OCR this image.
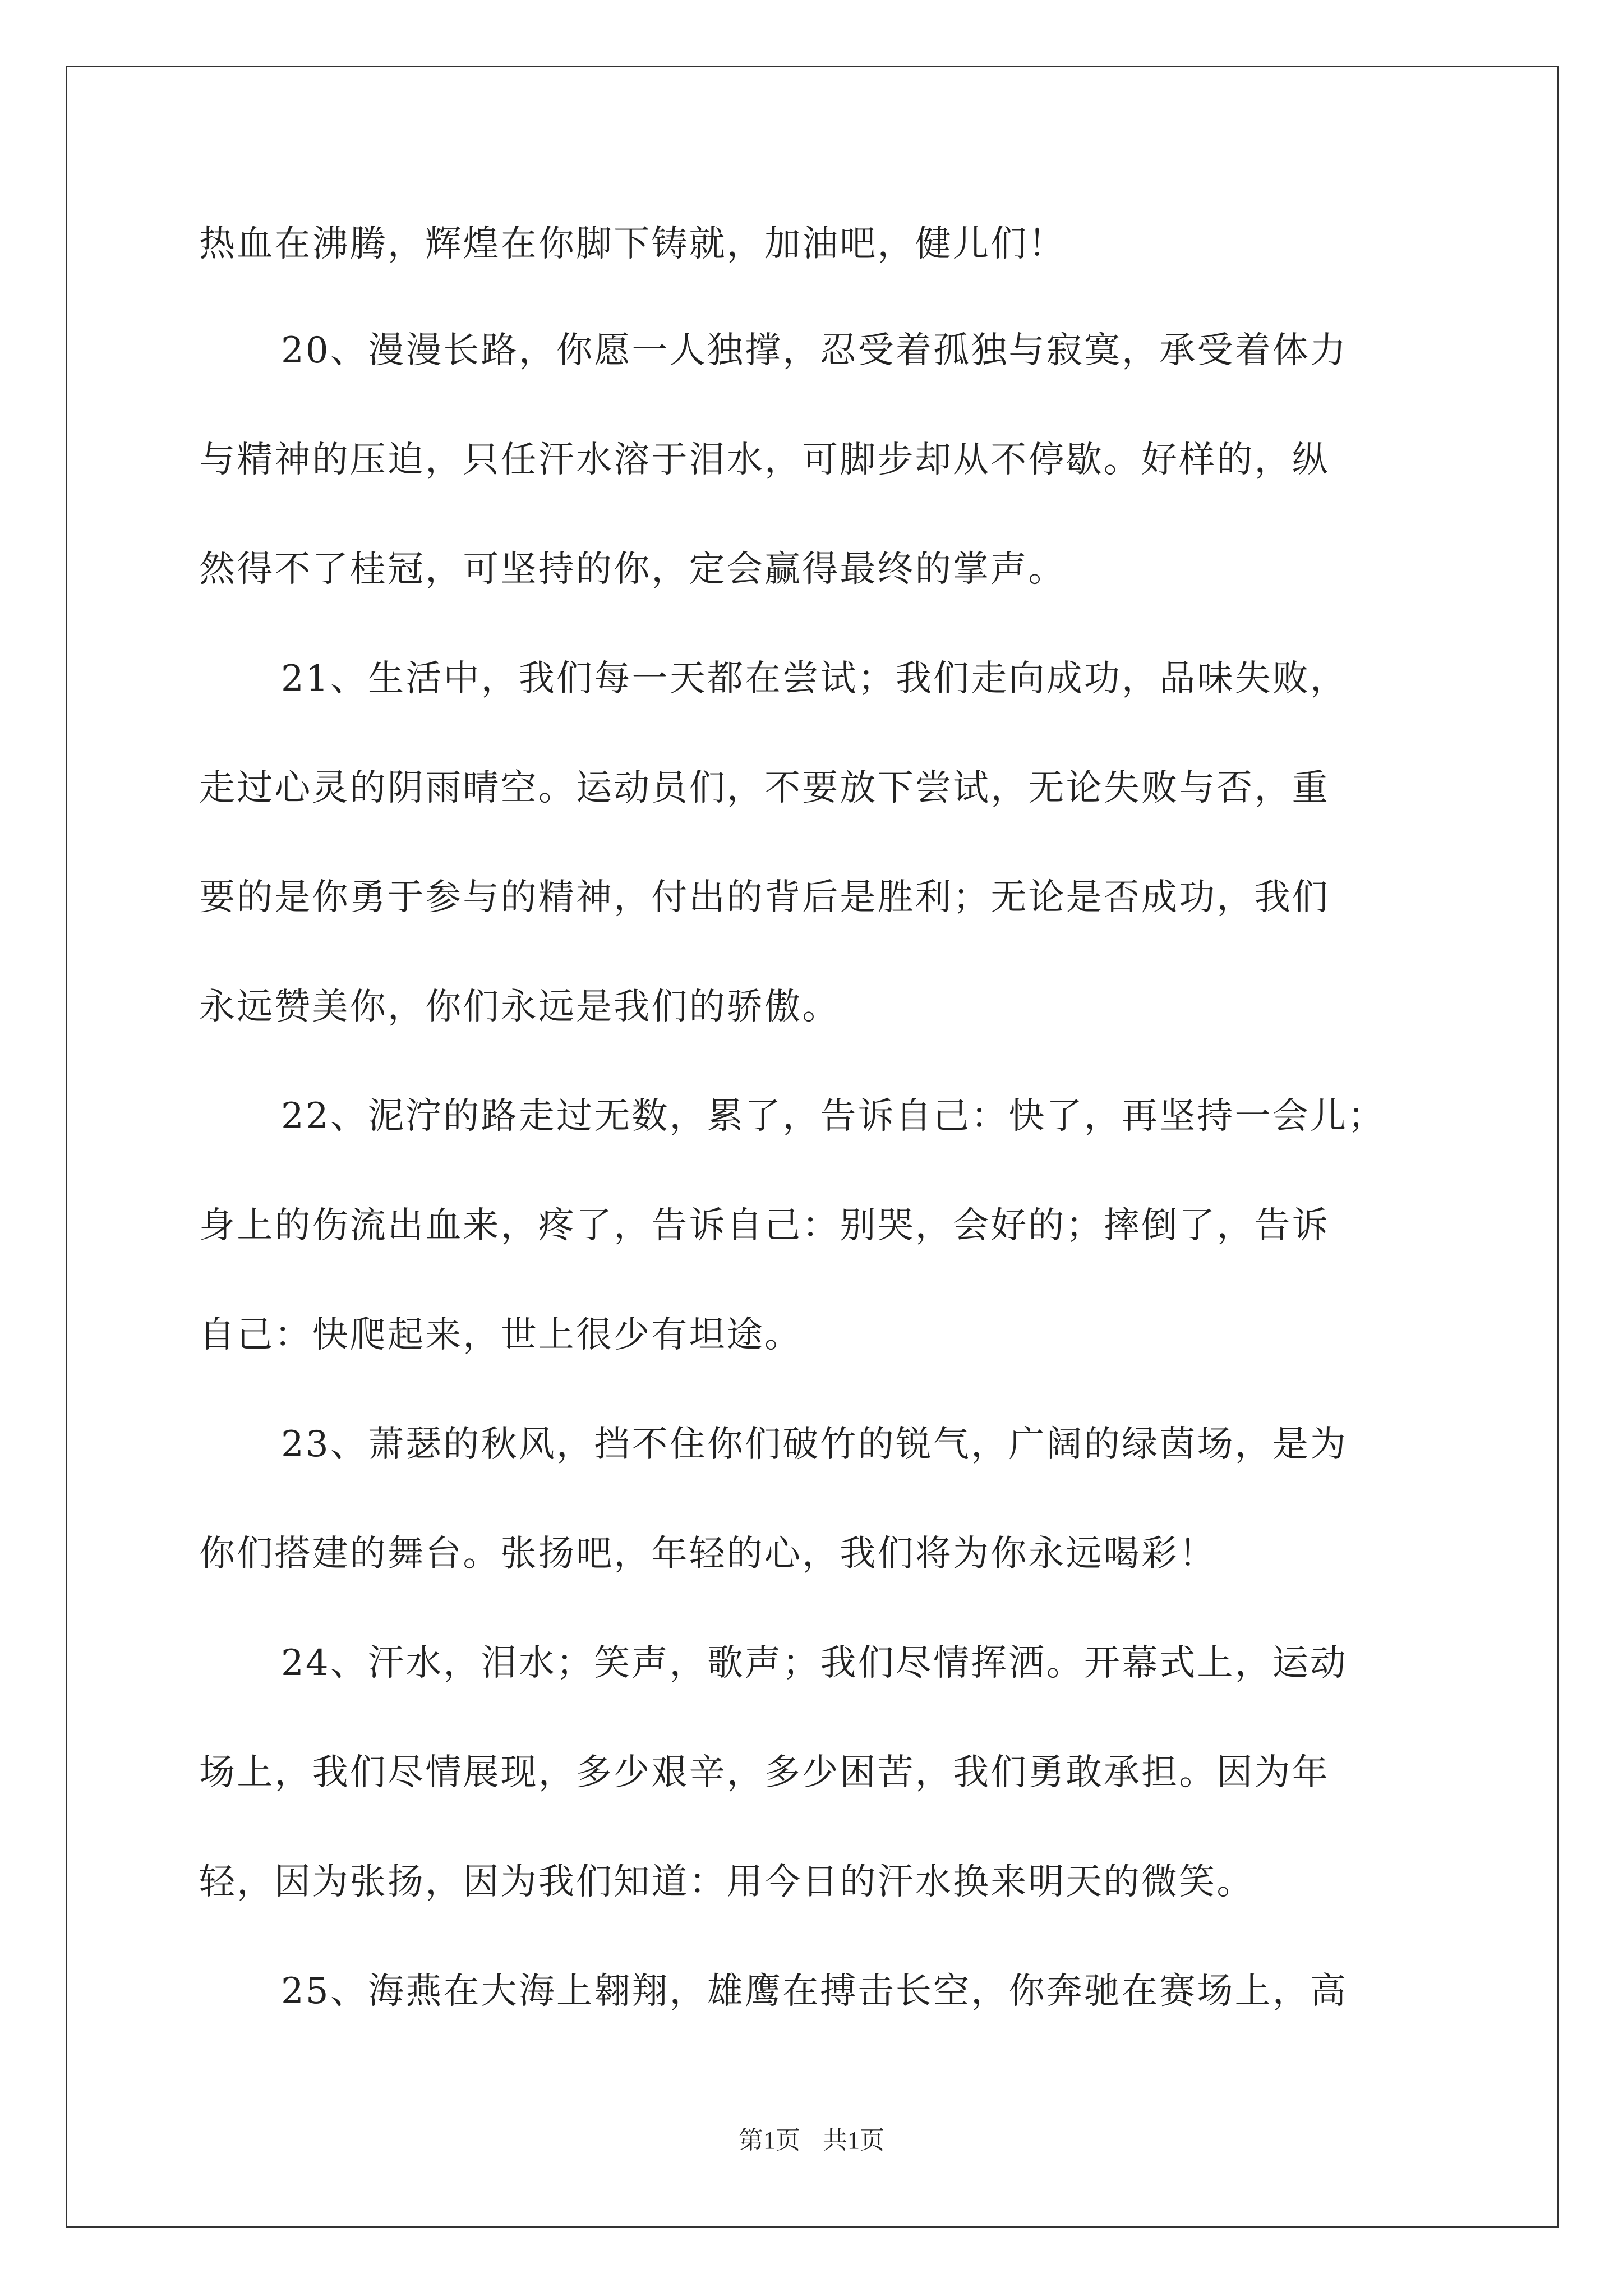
热血在沸腾，辉煌在你脚下铸就，加油吧，健儿们！
20、漫漫长路，你愿一人独撑，忍受着孤独与寂寞，承受着体力
与精神的压迫，只任汗水溶于泪水，可脚步却从不停歇。好样的，纵
然得不了桂冠，可坚持的你，定会赢得最终的掌声。
21、生活中，我们每一天都在尝试；我们走向成功，品味失败，
走过心灵的阴雨晴空。运动员们，不要放下尝试，无论失败与否，重
要的是你勇于参与的精神，付出的背后是胜利；无论是否成功，我们
永远赞美你，你们永远是我们的骄傲。
22、泥泞的路走过无数，累了，告诉自己：快了，再坚持一会儿；
身上的伤流出血来，疼了，告诉自己：别哭，会好的；摔倒了，告诉
自己：快爬起来，世上很少有坦途。
23、萧瑟的秋风，挡不住你们破竹的锐气，广阔的绿茵场，是为
你们搭建的舞台。张扬吧，年轻的心，我们将为你永远喝彩！
24、汗水，泪水；笑声，歌声；我们尽情挥洒。开幕式上，运动
场上，我们尽情展现，多少艰辛，多少困苦，我们勇敢承担。因为年
轻，因为张扬，因为我们知道：用今日的汗水换来明天的微笑。
25、海燕在大海上翱翔，雄鹰在搏击长空，你奔驰在赛场上，高
第1页 共1页
